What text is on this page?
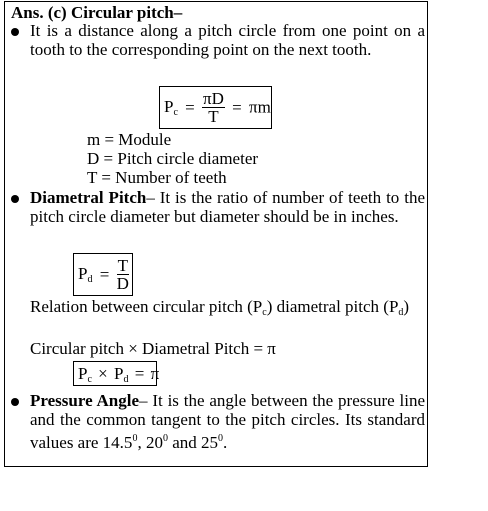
Ans. (c) Circular pitch–
It is a distance along a pitch circle from one point on a tooth to the corresponding point on the next tooth.
$P_c = \frac{\pi D}{T} = \pi m$
m = Module
D = Pitch circle diameter
T = Number of teeth
Diametral Pitch– It is the ratio of number of teeth to the pitch circle diameter but diameter should be in inches.
$P_d = \frac{T}{D}$
Relation between circular pitch $(P_c)$ diametral pitch $(P_d)$
Circular pitch × Diametral Pitch = π
$P_c \times P_d = \pi$
Pressure Angle– It is the angle between the pressure line and the common tangent to the pitch circles. Its standard values are 14.5$^0$, $20^0$ and $25^0$.
